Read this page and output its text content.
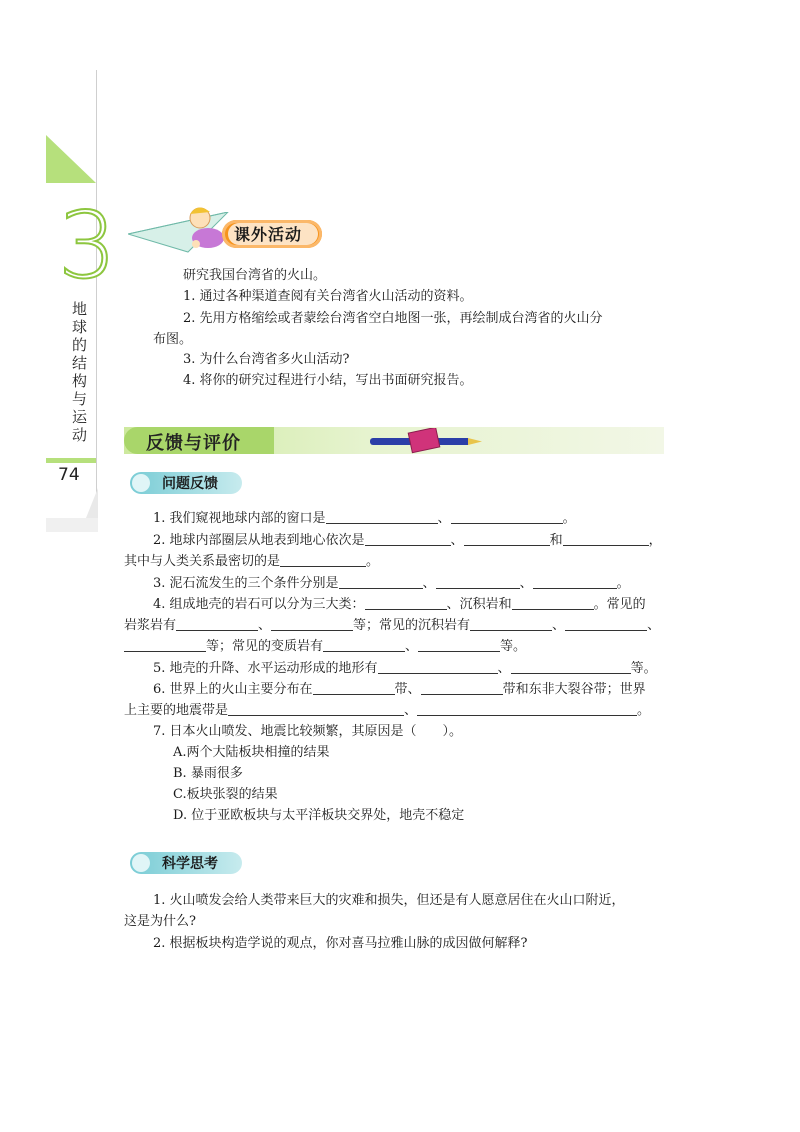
3
地球的结构与运动
74
课外活动
研究我国台湾省的火山。
1. 通过各种渠道查阅有关台湾省火山活动的资料。
2. 先用方格缩绘或者蒙绘台湾省空白地图一张，再绘制成台湾省的火山分
布图。
3. 为什么台湾省多火山活动?
4. 将你的研究过程进行小结，写出书面研究报告。
反馈与评价
问题反馈
1. 我们窥视地球内部的窗口是	、	。
2. 地球内部圈层从地表到地心依次是	、	和	，
其中与人类关系最密切的是	。
3. 泥石流发生的三个条件分别是	、	、	。
4. 组成地壳的岩石可以分为三大类：	、沉积岩和	。常见的
岩浆岩有	、	等；常见的沉积岩有	、	、
等；常见的变质岩有	、	等。
5. 地壳的升降、水平运动形成的地形有	、	等。
6. 世界上的火山主要分布在	带、	带和东非大裂谷带；世界
上主要的地震带是	、	。
7. 日本火山喷发、地震比较频繁，其原因是（　　）。
A.两个大陆板块相撞的结果
B. 暴雨很多
C.板块张裂的结果
D. 位于亚欧板块与太平洋板块交界处，地壳不稳定
科学思考
1. 火山喷发会给人类带来巨大的灾难和损失，但还是有人愿意居住在火山口附近，
这是为什么?
2. 根据板块构造学说的观点，你对喜马拉雅山脉的成因做何解释?
